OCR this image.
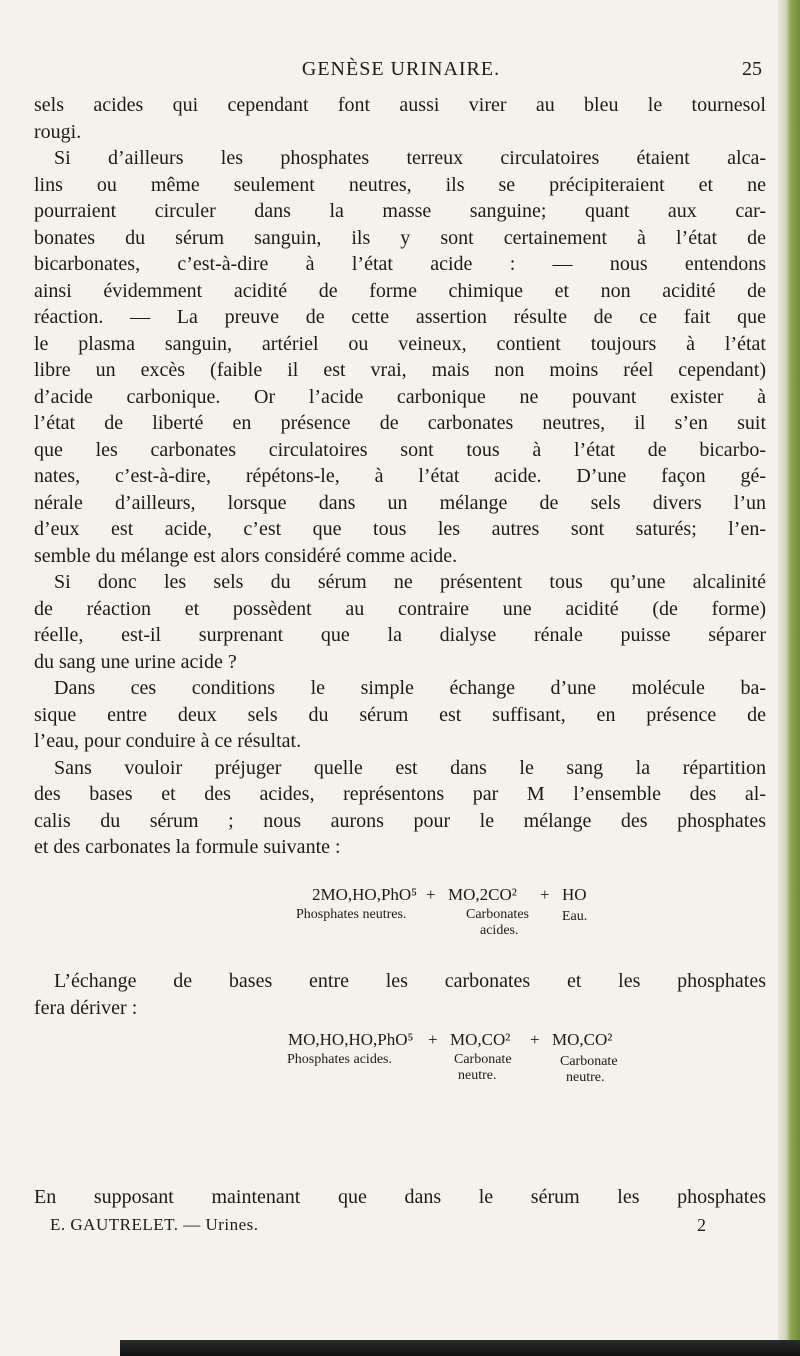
GENÈSE URINAIRE.	25
sels acides qui cependant font aussi virer au bleu le tournesol
rougi.
Si d’ailleurs les phosphates terreux circulatoires étaient alca-
lins ou même seulement neutres, ils se précipiteraient et ne
pourraient circuler dans la masse sanguine; quant aux car-
bonates du sérum sanguin, ils y sont certainement à l’état de
bicarbonates, c’est-à-dire à l’état acide : — nous entendons
ainsi évidemment acidité de forme chimique et non acidité de
réaction. — La preuve de cette assertion résulte de ce fait que
le plasma sanguin, artériel ou veineux, contient toujours à l’état
libre un excès (faible il est vrai, mais non moins réel cependant)
d’acide carbonique. Or l’acide carbonique ne pouvant exister à
l’état de liberté en présence de carbonates neutres, il s’en suit
que les carbonates circulatoires sont tous à l’état de bicarbo-
nates, c’est-à-dire, répétons-le, à l’état acide. D’une façon gé-
nérale d’ailleurs, lorsque dans un mélange de sels divers l’un
d’eux est acide, c’est que tous les autres sont saturés; l’en-
semble du mélange est alors considéré comme acide.
Si donc les sels du sérum ne présentent tous qu’une alcalinité
de réaction et possèdent au contraire une acidité (de forme)
réelle, est-il surprenant que la dialyse rénale puisse séparer
du sang une urine acide ?
Dans ces conditions le simple échange d’une molécule ba-
sique entre deux sels du sérum est suffisant, en présence de
l’eau, pour conduire à ce résultat.
Sans vouloir préjuger quelle est dans le sang la répartition
des bases et des acides, représentons par M l’ensemble des al-
calis du sérum ; nous aurons pour le mélange des phosphates
et des carbonates la formule suivante :
2MO,HO,PhO⁵ + MO,2CO² + HO
Phosphates neutres.	Carbonates
acides.
Eau.
L’échange de bases entre les carbonates et les phosphates
fera dériver :
MO,HO,HO,PhO⁵ + MO,CO² + MO,CO²
Phosphates acides.	Carbonate
neutre.
Carbonate
neutre.
En supposant maintenant que dans le sérum les phosphates
E. GAUTRELET. — Urines.	2
